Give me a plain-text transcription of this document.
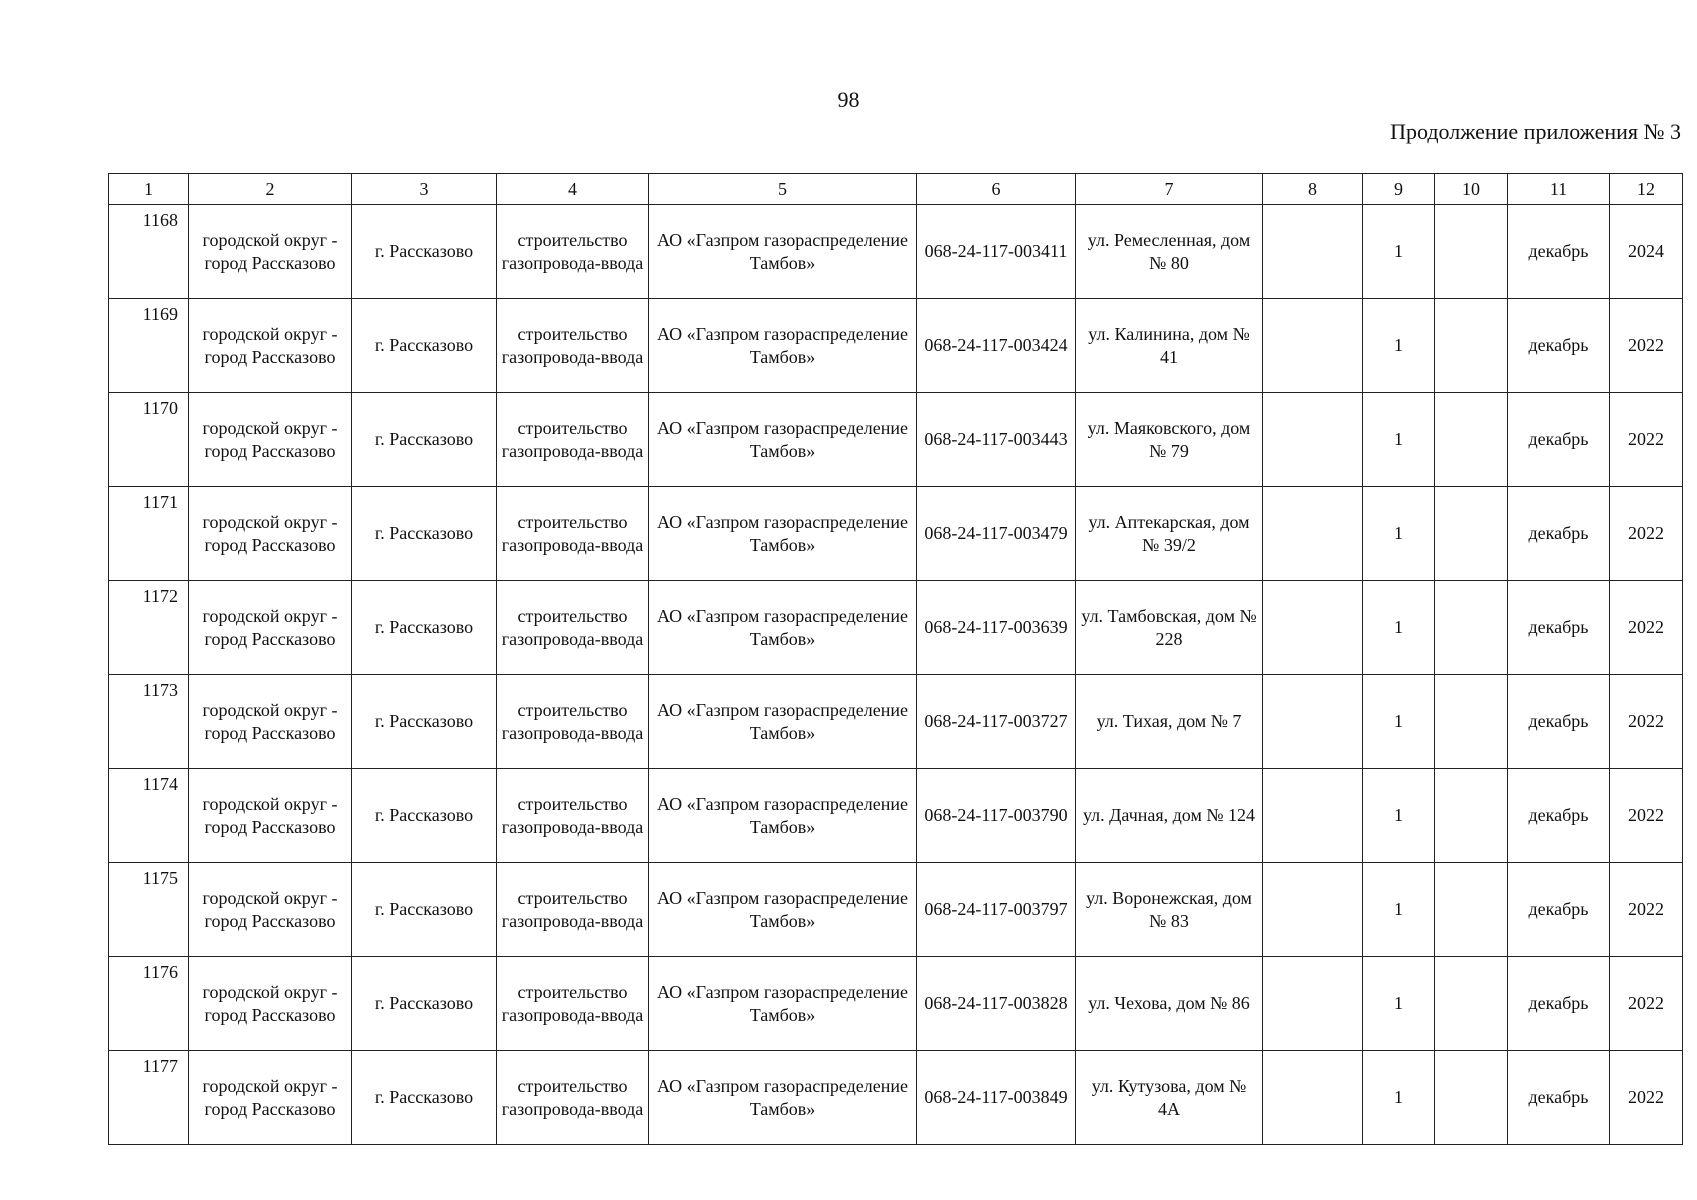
98
Продолжение приложения № 3
1	2	3	4	5	6	7	8	9	10	11	12
1168	городской округ - город Рассказово	г. Рассказово	строительство газопровода-ввода	АО «Газпром газораспределение Тамбов»	068-24-117-003411	ул. Ремесленная, дом № 80		1		декабрь	2024
1169	городской округ - город Рассказово	г. Рассказово	строительство газопровода-ввода	АО «Газпром газораспределение Тамбов»	068-24-117-003424	ул. Калинина, дом № 41		1		декабрь	2022
1170	городской округ - город Рассказово	г. Рассказово	строительство газопровода-ввода	АО «Газпром газораспределение Тамбов»	068-24-117-003443	ул. Маяковского, дом № 79		1		декабрь	2022
1171	городской округ - город Рассказово	г. Рассказово	строительство газопровода-ввода	АО «Газпром газораспределение Тамбов»	068-24-117-003479	ул. Аптекарская, дом № 39/2		1		декабрь	2022
1172	городской округ - город Рассказово	г. Рассказово	строительство газопровода-ввода	АО «Газпром газораспределение Тамбов»	068-24-117-003639	ул. Тамбовская, дом № 228		1		декабрь	2022
1173	городской округ - город Рассказово	г. Рассказово	строительство газопровода-ввода	АО «Газпром газораспределение Тамбов»	068-24-117-003727	ул. Тихая, дом № 7		1		декабрь	2022
1174	городской округ - город Рассказово	г. Рассказово	строительство газопровода-ввода	АО «Газпром газораспределение Тамбов»	068-24-117-003790	ул. Дачная, дом № 124		1		декабрь	2022
1175	городской округ - город Рассказово	г. Рассказово	строительство газопровода-ввода	АО «Газпром газораспределение Тамбов»	068-24-117-003797	ул. Воронежская, дом № 83		1		декабрь	2022
1176	городской округ - город Рассказово	г. Рассказово	строительство газопровода-ввода	АО «Газпром газораспределение Тамбов»	068-24-117-003828	ул. Чехова, дом № 86		1		декабрь	2022
1177	городской округ - город Рассказово	г. Рассказово	строительство газопровода-ввода	АО «Газпром газораспределение Тамбов»	068-24-117-003849	ул. Кутузова, дом № 4А		1		декабрь	2022
